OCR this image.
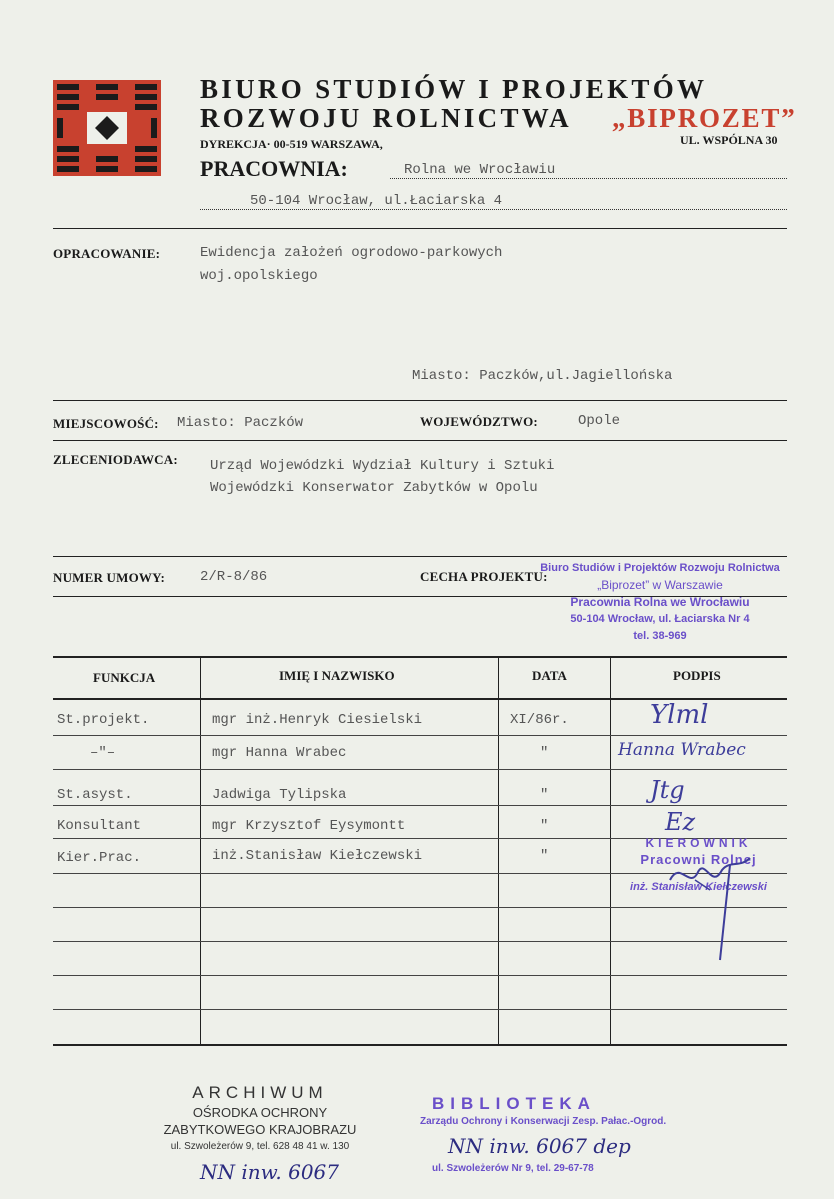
BIURO STUDIÓW I PROJEKTÓW
ROZWOJU ROLNICTWA „BIPROZET”
DYREKCJA· 00-519 WARSZAWA,	UL. WSPÓLNA 30
PRACOWNIA:	Rolna we Wrocławiu
50-104 Wrocław, ul.Łaciarska 4
OPRACOWANIE:	Ewidencja założeń ogrodowo-parkowych
woj.opolskiego
Miasto: Paczków,ul.Jagiellońska
MIEJSCOWOŚĆ: Miasto: Paczków	WOJEWÓDZTWO:	Opole
ZLECENIODAWCA: Urząd Wojewódzki Wydział Kultury i Sztuki
Wojewódzki Konserwator Zabytków w Opolu
NUMER UMOWY: 2/R-8/86	CECHA PROJEKTU:
Biuro Studiów i Projektów Rozwoju Rolnictwa
„Biprozet” w Warszawie
Pracownia Rolna we Wrocławiu
50-104 Wrocław, ul. Łaciarska Nr 4
tel. 38-969
FUNKCJA	IMIĘ I NAZWISKO	DATA	PODPIS
St.projekt.	mgr inż.Henryk Ciesielski	XI/86r.	Ylml
–"–	mgr Hanna Wrabec	"	Hanna Wrabec
St.asyst.	Jadwiga Tylipska	"	Jtg
Konsultant	mgr Krzysztof Eysymontt	"	Ez
Kier.Prac.	inż.Stanisław Kiełczewski	"
KIEROWNIK
Pracowni Rolnej
inż. Stanisław Kiełczewski
ARCHIWUM
OŚRODKA OCHRONY
ZABYTKOWEGO KRAJOBRAZU
ul. Szwoleżerów 9, tel. 628 48 41 w. 130
NN inw. 6067
BIBLIOTEKA
Zarządu Ochrony i Konserwacji Zesp. Pałac.-Ogrod.
NN inw. 6067 dep
ul. Szwoleżerów Nr 9, tel. 29-67-78
